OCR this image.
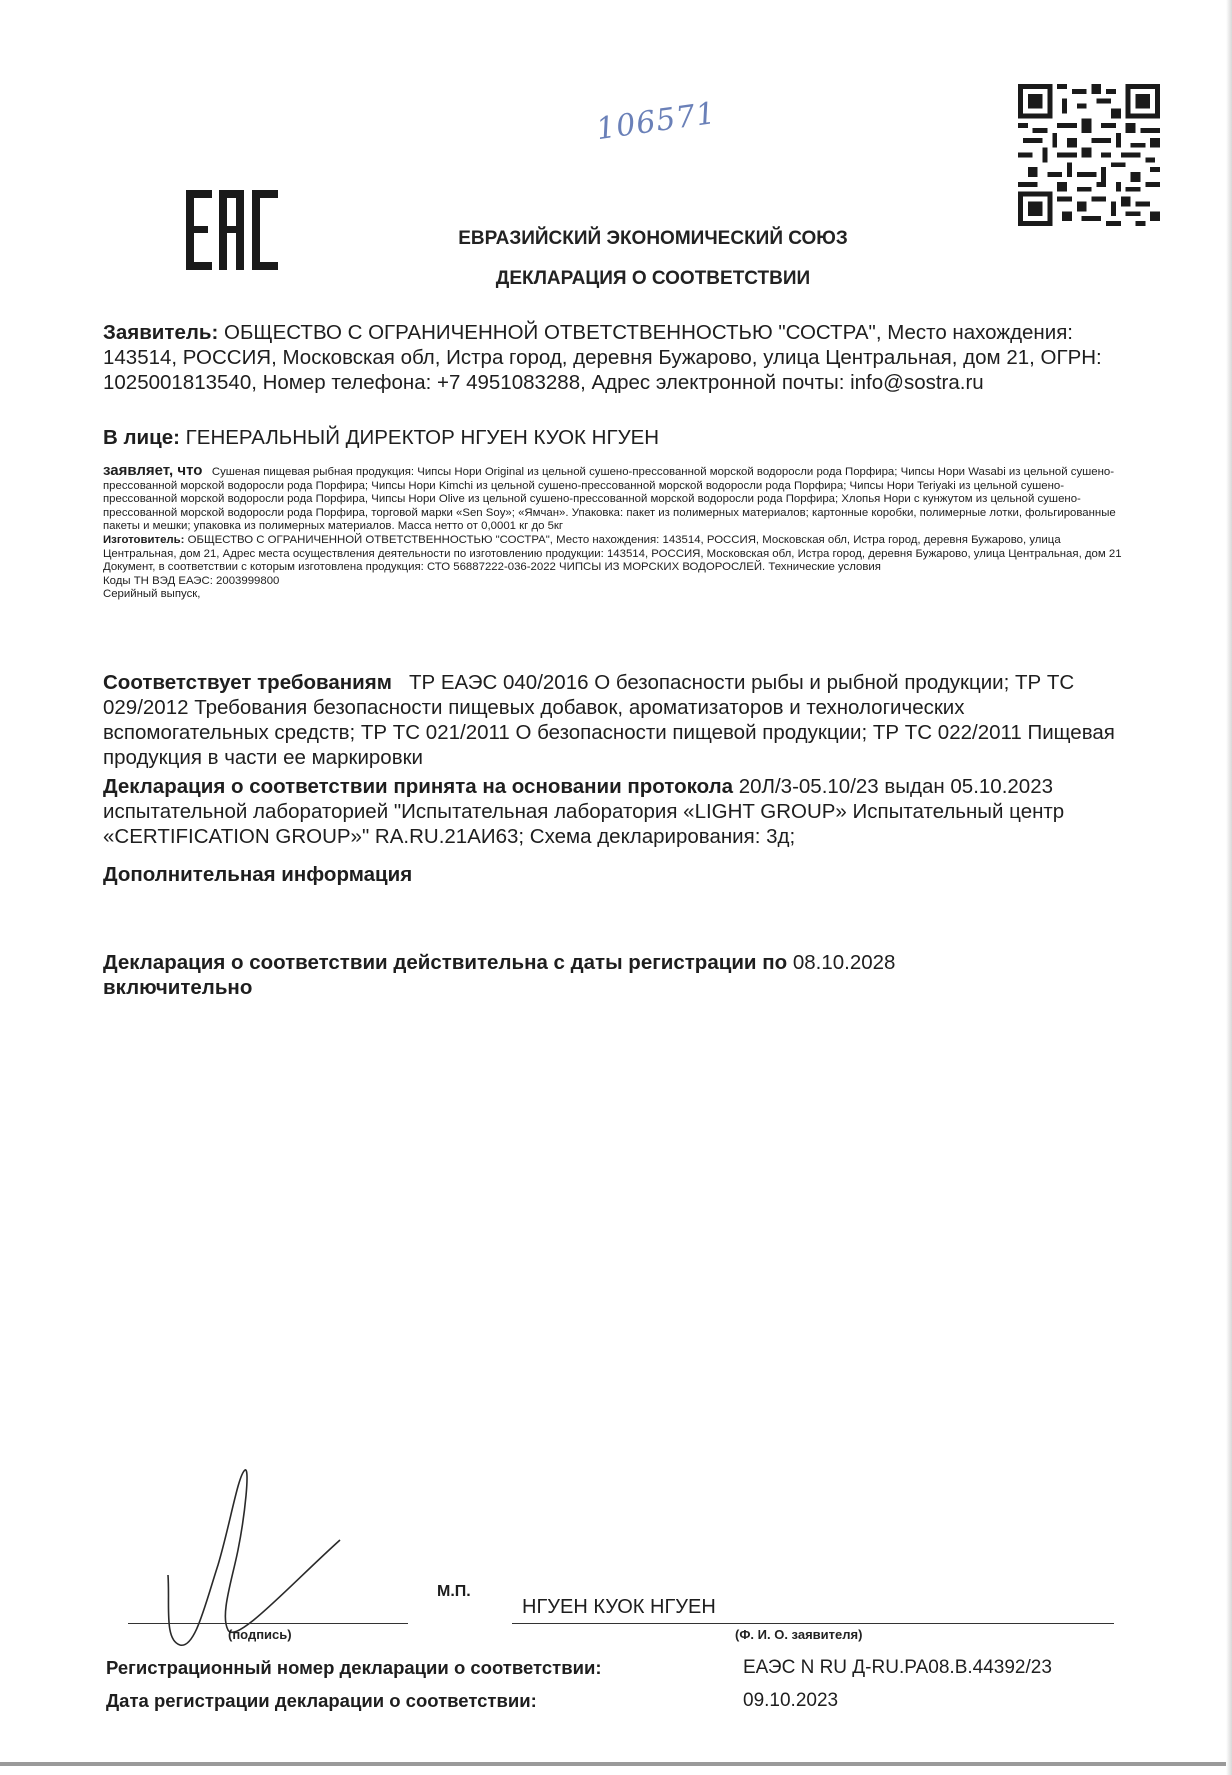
106571
ЕВРАЗИЙСКИЙ ЭКОНОМИЧЕСКИЙ СОЮЗ
ДЕКЛАРАЦИЯ О СООТВЕТСТВИИ
Заявитель: ОБЩЕСТВО С ОГРАНИЧЕННОЙ ОТВЕТСТВЕННОСТЬЮ "СОСТРА", Место нахождения: 143514, РОССИЯ, Московская обл, Истра город, деревня Бужарово, улица Центральная, дом 21, ОГРН: 1025001813540, Номер телефона: +7 4951083288, Адрес электронной почты: info@sostra.ru
В лице: ГЕНЕРАЛЬНЫЙ ДИРЕКТОР НГУЕН КУОК НГУЕН
заявляет, что Сушеная пищевая рыбная продукция: Чипсы Нори Original из цельной сушено-прессованной морской водоросли рода Порфира; Чипсы Нори Wasabi из цельной сушено- прессованной морской водоросли рода Порфира; Чипсы Нори Kimchi из цельной сушено-прессованной морской водоросли рода Порфира; Чипсы Нори Teriyaki из цельной сушено-прессованной морской водоросли рода Порфира, Чипсы Нори Olive из цельной сушено-прессованной морской водоросли рода Порфира; Хлопья Нори с кунжутом из цельной сушено-прессованной морской водоросли рода Порфира, торговой марки «Sen Soy»; «Ямчан». Упаковка: пакет из полимерных материалов; картонные коробки, полимерные лотки, фольгированные пакеты и мешки; упаковка из полимерных материалов. Масса нетто от 0,0001 кг до 5кг
Изготовитель: ОБЩЕСТВО С ОГРАНИЧЕННОЙ ОТВЕТСТВЕННОСТЬЮ "СОСТРА", Место нахождения: 143514, РОССИЯ, Московская обл, Истра город, деревня Бужарово, улица Центральная, дом 21, Адрес места осуществления деятельности по изготовлению продукции: 143514, РОССИЯ, Московская обл, Истра город, деревня Бужарово, улица Центральная, дом 21
Документ, в соответствии с которым изготовлена продукция: СТО 56887222-036-2022 ЧИПСЫ ИЗ МОРСКИХ ВОДОРОСЛЕЙ. Технические условия
Коды ТН ВЭД ЕАЭС: 2003999800
Серийный выпуск,
Соответствует требованиям ТР ЕАЭС 040/2016 О безопасности рыбы и рыбной продукции; ТР ТС 029/2012 Требования безопасности пищевых добавок, ароматизаторов и технологических вспомогательных средств; ТР ТС 021/2011 О безопасности пищевой продукции; ТР ТС 022/2011 Пищевая продукция в части ее маркировки
Декларация о соответствии принята на основании протокола 20Л/3-05.10/23 выдан 05.10.2023 испытательной лабораторией "Испытательная лаборатория «LIGHT GROUP» Испытательный центр «CERTIFICATION GROUP»" RA.RU.21АИ63; Схема декларирования: 3д;
Дополнительная информация
Декларация о соответствии действительна с даты регистрации по 08.10.2028
включительно
М.П.
НГУЕН КУОК НГУЕН
(подпись)	(Ф. И. О. заявителя)
Регистрационный номер декларации о соответствии:	ЕАЭС N RU Д-RU.РА08.В.44392/23
Дата регистрации декларации о соответствии:	09.10.2023
